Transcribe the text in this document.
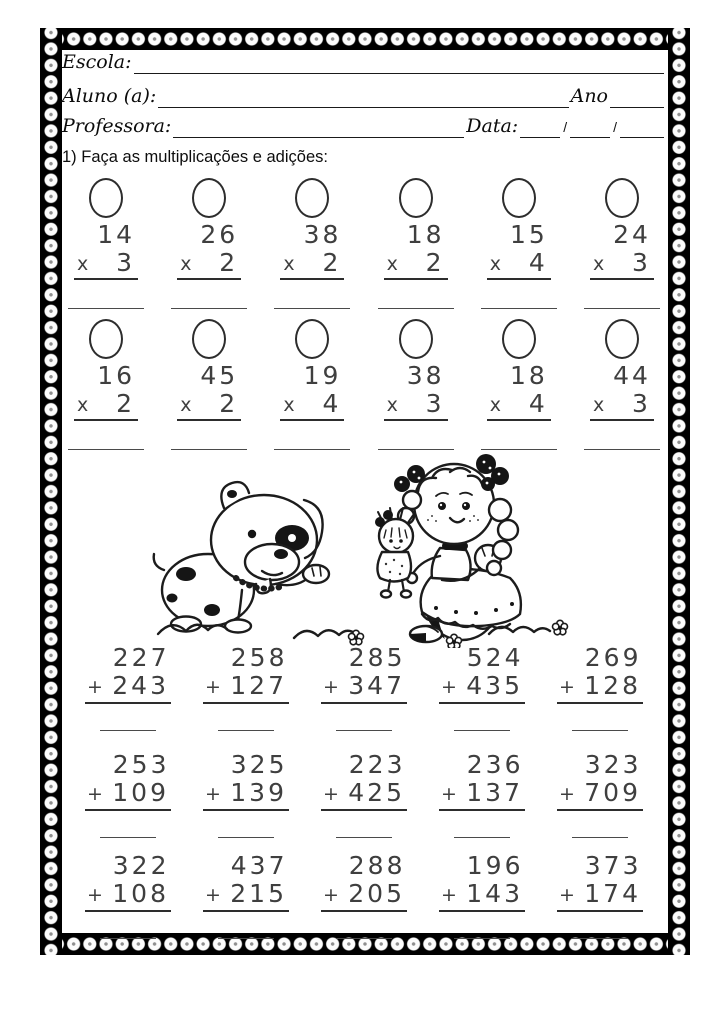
Escola:
Aluno (a):	Ano
Professora:	Data:	/	/
1) Faça as multiplicações e adições:
14
x 3
26
x 2
38
x 2
18
x 2
15
x 4
24
x 3
16
x 2
45
x 2
19
x 4
38
x 3
18
x 4
44
x 3
227
+ 243
258
+ 127
285
+ 347
524
+ 435
269
+ 128
253
+ 109
325
+ 139
223
+ 425
236
+ 137
323
+ 709
322
+ 108
437
+ 215
288
+ 205
196
+ 143
373
+ 174
